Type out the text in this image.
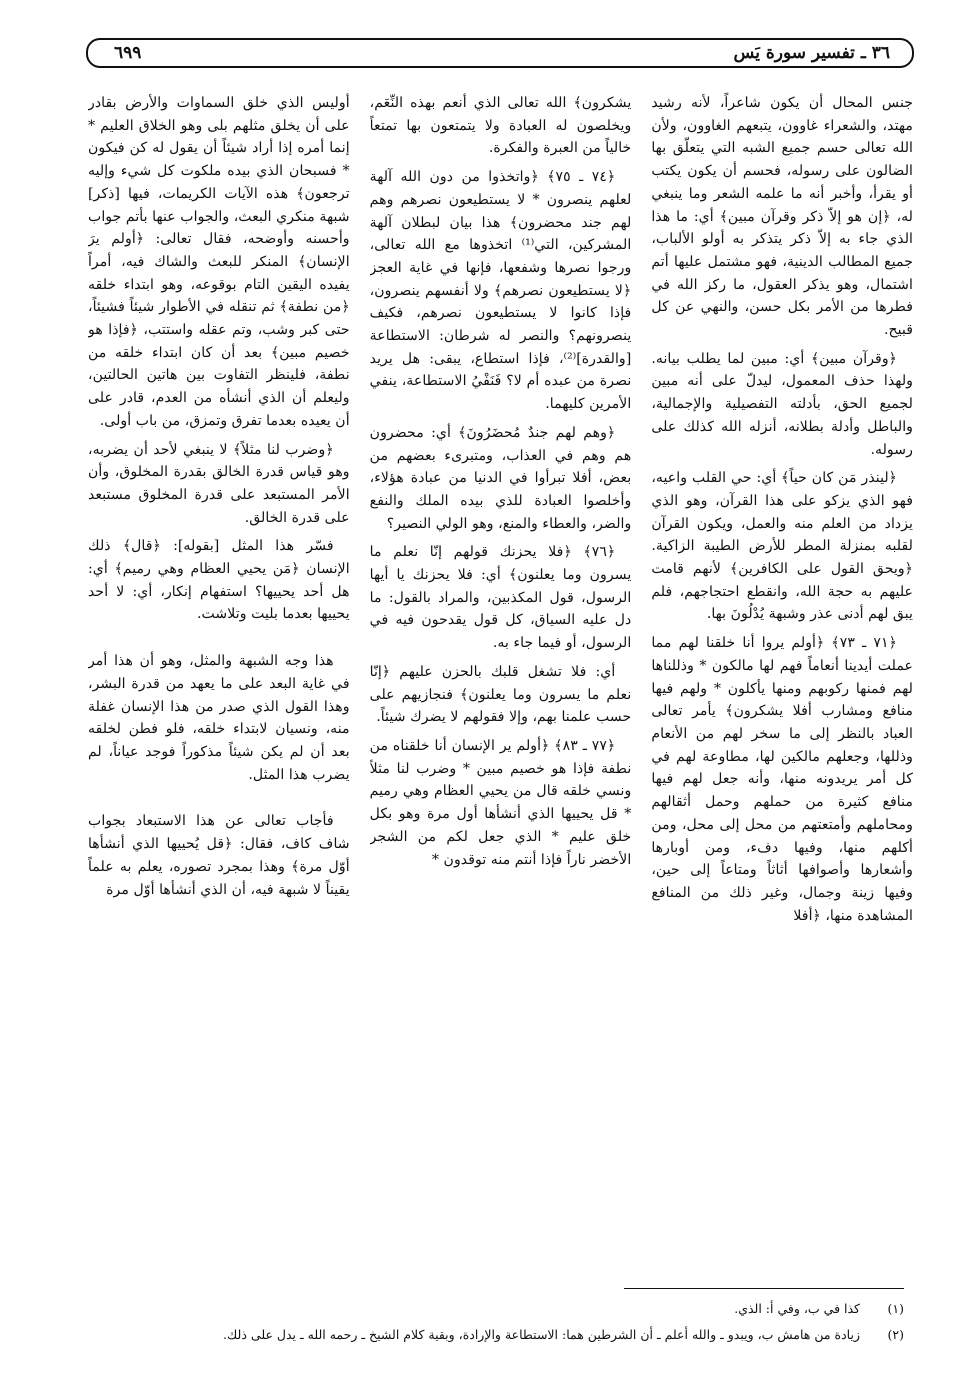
٣٦ ـ تفسير سورة يَس
٦٩٩

جنس المحال أن يكون شاعراً، لأنه رشيد مهتد، والشعراء غاوون، يتبعهم الغاوون، ولأن الله تعالى حسم جميع الشبه التي يتعلّق بها الضالون على رسوله، فحسم أن يكون يكتب أو يقرأ، وأخبر أنه ما علمه الشعر وما ينبغي له، ﴿إن هو إلاّ ذكر وقرآن مبين﴾ أي: ما هذا الذي جاء به إلاّ ذكر يتذكر به أولو الألباب، جميع المطالب الدينية، فهو مشتمل عليها أتم اشتمال، وهو يذكر العقول، ما ركز الله في فطرها من الأمر بكل حسن، والنهي عن كل قبيح.

﴿وقرآن مبين﴾ أي: مبين لما يطلب بيانه. ولهذا حذف المعمول، ليدلّ على أنه مبين لجميع الحق، بأدلته التفصيلية والإجمالية، والباطل وأدلة بطلانه، أنزله الله كذلك على رسوله.

﴿لينذر مَن كان حياً﴾ أي: حي القلب واعيه، فهو الذي يزكو على هذا القرآن، وهو الذي يزداد من العلم منه والعمل، ويكون القرآن لقلبه بمنزلة المطر للأرض الطيبة الزاكية. ﴿ويحق القول على الكافرين﴾ لأنهم قامت عليهم به حجة الله، وانقطع احتجاجهم، فلم يبق لهم أدنى عذر وشبهة يُدْلُونَ بها.

﴿٧١ ـ ٧٣﴾ ﴿أولم يروا أنا خلقنا لهم مما عملت أيدينا أنعاماً فهم لها مالكون * وذللناها لهم فمنها ركوبهم ومنها يأكلون * ولهم فيها منافع ومشارب أفلا يشكرون﴾ يأمر تعالى العباد بالنظر إلى ما سخر لهم من الأنعام وذللها، وجعلهم مالكين لها، مطاوعة لهم في كل أمر يريدونه منها، وأنه جعل لهم فيها منافع كثيرة من حملهم وحمل أثقالهم ومحاملهم وأمتعتهم من محل إلى محل، ومن أكلهم منها، وفيها دفء، ومن أوبارها وأشعارها وأصوافها أثاثاً ومتاعاً إلى حين، وفيها زينة وجمال، وغير ذلك من المنافع المشاهدة منها، ﴿أفلا

يشكرون﴾ الله تعالى الذي أنعم بهذه النِّعَم، ويخلصون له العبادة ولا يتمتعون بها تمتعاً خالياً من العبرة والفكرة.

﴿٧٤ ـ ٧٥﴾ ﴿واتخذوا من دون الله آلهة لعلهم ينصرون * لا يستطيعون نصرهم وهم لهم جند محضرون﴾ هذا بيان لبطلان آلهة المشركين، التي⁽¹⁾ اتخذوها مع الله تعالى، ورجوا نصرها وشفعها، فإنها في غاية العجز ﴿لا يستطيعون نصرهم﴾ ولا أنفسهم ينصرون، فإذا كانوا لا يستطيعون نصرهم، فكيف ينصرونهم؟ والنصر له شرطان: الاستطاعة [والقدرة]⁽²⁾، فإذا استطاع، يبقى: هل يريد نصرة من عبده أم لا؟ فَنَفْيُ الاستطاعة، ينفي الأمرين كليهما.

﴿وهم لهم جندٌ مُحضَرُونَ﴾ أي: محضرون هم وهم في العذاب، ومتبرىء بعضهم من بعض، أفلا تبرأوا في الدنيا من عبادة هؤلاء، وأخلصوا العبادة للذي بيده الملك والنفع والضر، والعطاء والمنع، وهو الولي النصير؟

﴿٧٦﴾ ﴿فلا يحزنك قولهم إنّا نعلم ما يسرون وما يعلنون﴾ أي: فلا يحزنك يا أيها الرسول، قول المكذبين، والمراد بالقول: ما دل عليه السياق، كل قول يقدحون فيه في الرسول، أو فيما جاء به.

أي: فلا تشغل قلبك بالحزن عليهم ﴿إنّا نعلم ما يسرون وما يعلنون﴾ فنجازيهم على حسب علمنا بهم، وإلا فقولهم لا يضرك شيئاً.

﴿٧٧ ـ ٨٣﴾ ﴿أولم ير الإنسان أنا خلقناه من نطفة فإذا هو خصيم مبين * وضرب لنا مثلاً ونسي خلقه قال من يحيي العظام وهي رميم * قل يحييها الذي أنشأها أول مرة وهو بكل خلق عليم * الذي جعل لكم من الشجر الأخضر ناراً فإذا أنتم منه توقدون *

أوليس الذي خلق السماوات والأرض بقادر على أن يخلق مثلهم بلى وهو الخلاق العليم * إنما أمره إذا أراد شيئاً أن يقول له كن فيكون * فسبحان الذي بيده ملكوت كل شيء وإليه ترجعون﴾ هذه الآيات الكريمات، فيها [ذكر] شبهة منكري البعث، والجواب عنها بأتم جواب وأحسنه وأوضحه، فقال تعالى: ﴿أولم يرَ الإنسان﴾ المنكر للبعث والشاك فيه، أمراً يفيده اليقين التام بوقوعه، وهو ابتداء خلقه ﴿من نطفة﴾ ثم تنقله في الأطوار شيئاً فشيئاً، حتى كبر وشب، وتم عقله واستتب، ﴿فإذا هو خصيم مبين﴾ بعد أن كان ابتداء خلقه من نطفة، فلينظر التفاوت بين هاتين الحالتين، وليعلم أن الذي أنشأه من العدم، قادر على أن يعيده بعدما تفرق وتمزق، من باب أولى.

﴿وضرب لنا مثلاً﴾ لا ينبغي لأحد أن يضربه، وهو قياس قدرة الخالق بقدرة المخلوق، وأن الأمر المستبعد على قدرة المخلوق مستبعد على قدرة الخالق.

فسّر هذا المثل [بقوله]: ﴿قال﴾ ذلك الإنسان ﴿مَن يحيي العظام وهي رميم﴾ أي: هل أحد يحييها؟ استفهام إنكار، أي: لا أحد يحييها بعدما بليت وتلاشت.

هذا وجه الشبهة والمثل، وهو أن هذا أمر في غاية البعد على ما يعهد من قدرة البشر، وهذا القول الذي صدر من هذا الإنسان غفلة منه، ونسيان لابتداء خلقه، فلو فطن لخلقه بعد أن لم يكن شيئاً مذكوراً فوجد عياناً، لم يضرب هذا المثل.

فأجاب تعالى عن هذا الاستبعاد بجواب شاف كاف، فقال: ﴿قل يُحييها الذي أنشأها أوّل مرة﴾ وهذا بمجرد تصوره، يعلم به علماً يقيناً لا شبهة فيه، أن الذي أنشأها أوّل مرة

(١)
كذا في ب، وفي أ: الذي.
(٢)
زيادة من هامش ب، ويبدو ـ والله أعلم ـ أن الشرطين هما: الاستطاعة والإرادة، وبقية كلام الشيخ ـ رحمه الله ـ يدل على ذلك.
